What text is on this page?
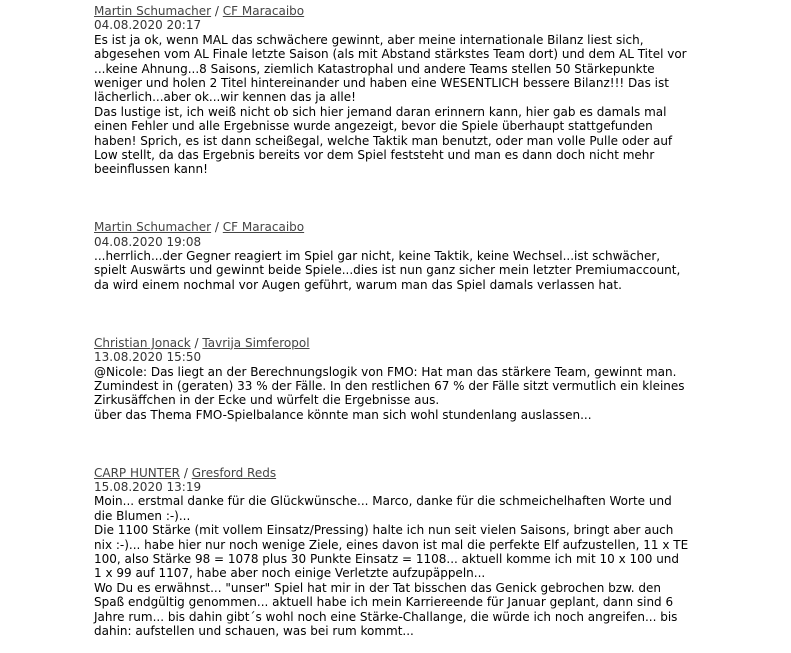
Martin Schumacher / CF Maracaibo
04.08.2020 20:17
Es ist ja ok, wenn MAL das schwächere gewinnt, aber meine internationale Bilanz liest sich,
abgesehen vom AL Finale letzte Saison (als mit Abstand stärkstes Team dort) und dem AL Titel vor
...keine Ahnung...8 Saisons, ziemlich Katastrophal und andere Teams stellen 50 Stärkepunkte
weniger und holen 2 Titel hintereinander und haben eine WESENTLICH bessere Bilanz!!! Das ist
lächerlich...aber ok...wir kennen das ja alle!
Das lustige ist, ich weiß nicht ob sich hier jemand daran erinnern kann, hier gab es damals mal
einen Fehler und alle Ergebnisse wurde angezeigt, bevor die Spiele überhaupt stattgefunden
haben! Sprich, es ist dann scheißegal, welche Taktik man benutzt, oder man volle Pulle oder auf
Low stellt, da das Ergebnis bereits vor dem Spiel feststeht und man es dann doch nicht mehr
beeinflussen kann!
Martin Schumacher / CF Maracaibo
04.08.2020 19:08
...herrlich...der Gegner reagiert im Spiel gar nicht, keine Taktik, keine Wechsel...ist schwächer,
spielt Auswärts und gewinnt beide Spiele...dies ist nun ganz sicher mein letzter Premiumaccount,
da wird einem nochmal vor Augen geführt, warum man das Spiel damals verlassen hat.
Christian Jonack / Tavrija Simferopol
13.08.2020 15:50
@Nicole: Das liegt an der Berechnungslogik von FMO: Hat man das stärkere Team, gewinnt man.
Zumindest in (geraten) 33 % der Fälle. In den restlichen 67 % der Fälle sitzt vermutlich ein kleines
Zirkusäffchen in der Ecke und würfelt die Ergebnisse aus.
über das Thema FMO-Spielbalance könnte man sich wohl stundenlang auslassen...
CARP HUNTER / Gresford Reds
15.08.2020 13:19
Moin... erstmal danke für die Glückwünsche... Marco, danke für die schmeichelhaften Worte und
die Blumen :-)...
Die 1100 Stärke (mit vollem Einsatz/Pressing) halte ich nun seit vielen Saisons, bringt aber auch
nix :-)... habe hier nur noch wenige Ziele, eines davon ist mal die perfekte Elf aufzustellen, 11 x TE
100, also Stärke 98 = 1078 plus 30 Punkte Einsatz = 1108... aktuell komme ich mit 10 x 100 und
1 x 99 auf 1107, habe aber noch einige Verletzte aufzupäppeln...
Wo Du es erwähnst... "unser" Spiel hat mir in der Tat bisschen das Genick gebrochen bzw. den
Spaß endgültig genommen... aktuell habe ich mein Karriereende für Januar geplant, dann sind 6
Jahre rum... bis dahin gibt´s wohl noch eine Stärke-Challange, die würde ich noch angreifen... bis
dahin: aufstellen und schauen, was bei rum kommt...
